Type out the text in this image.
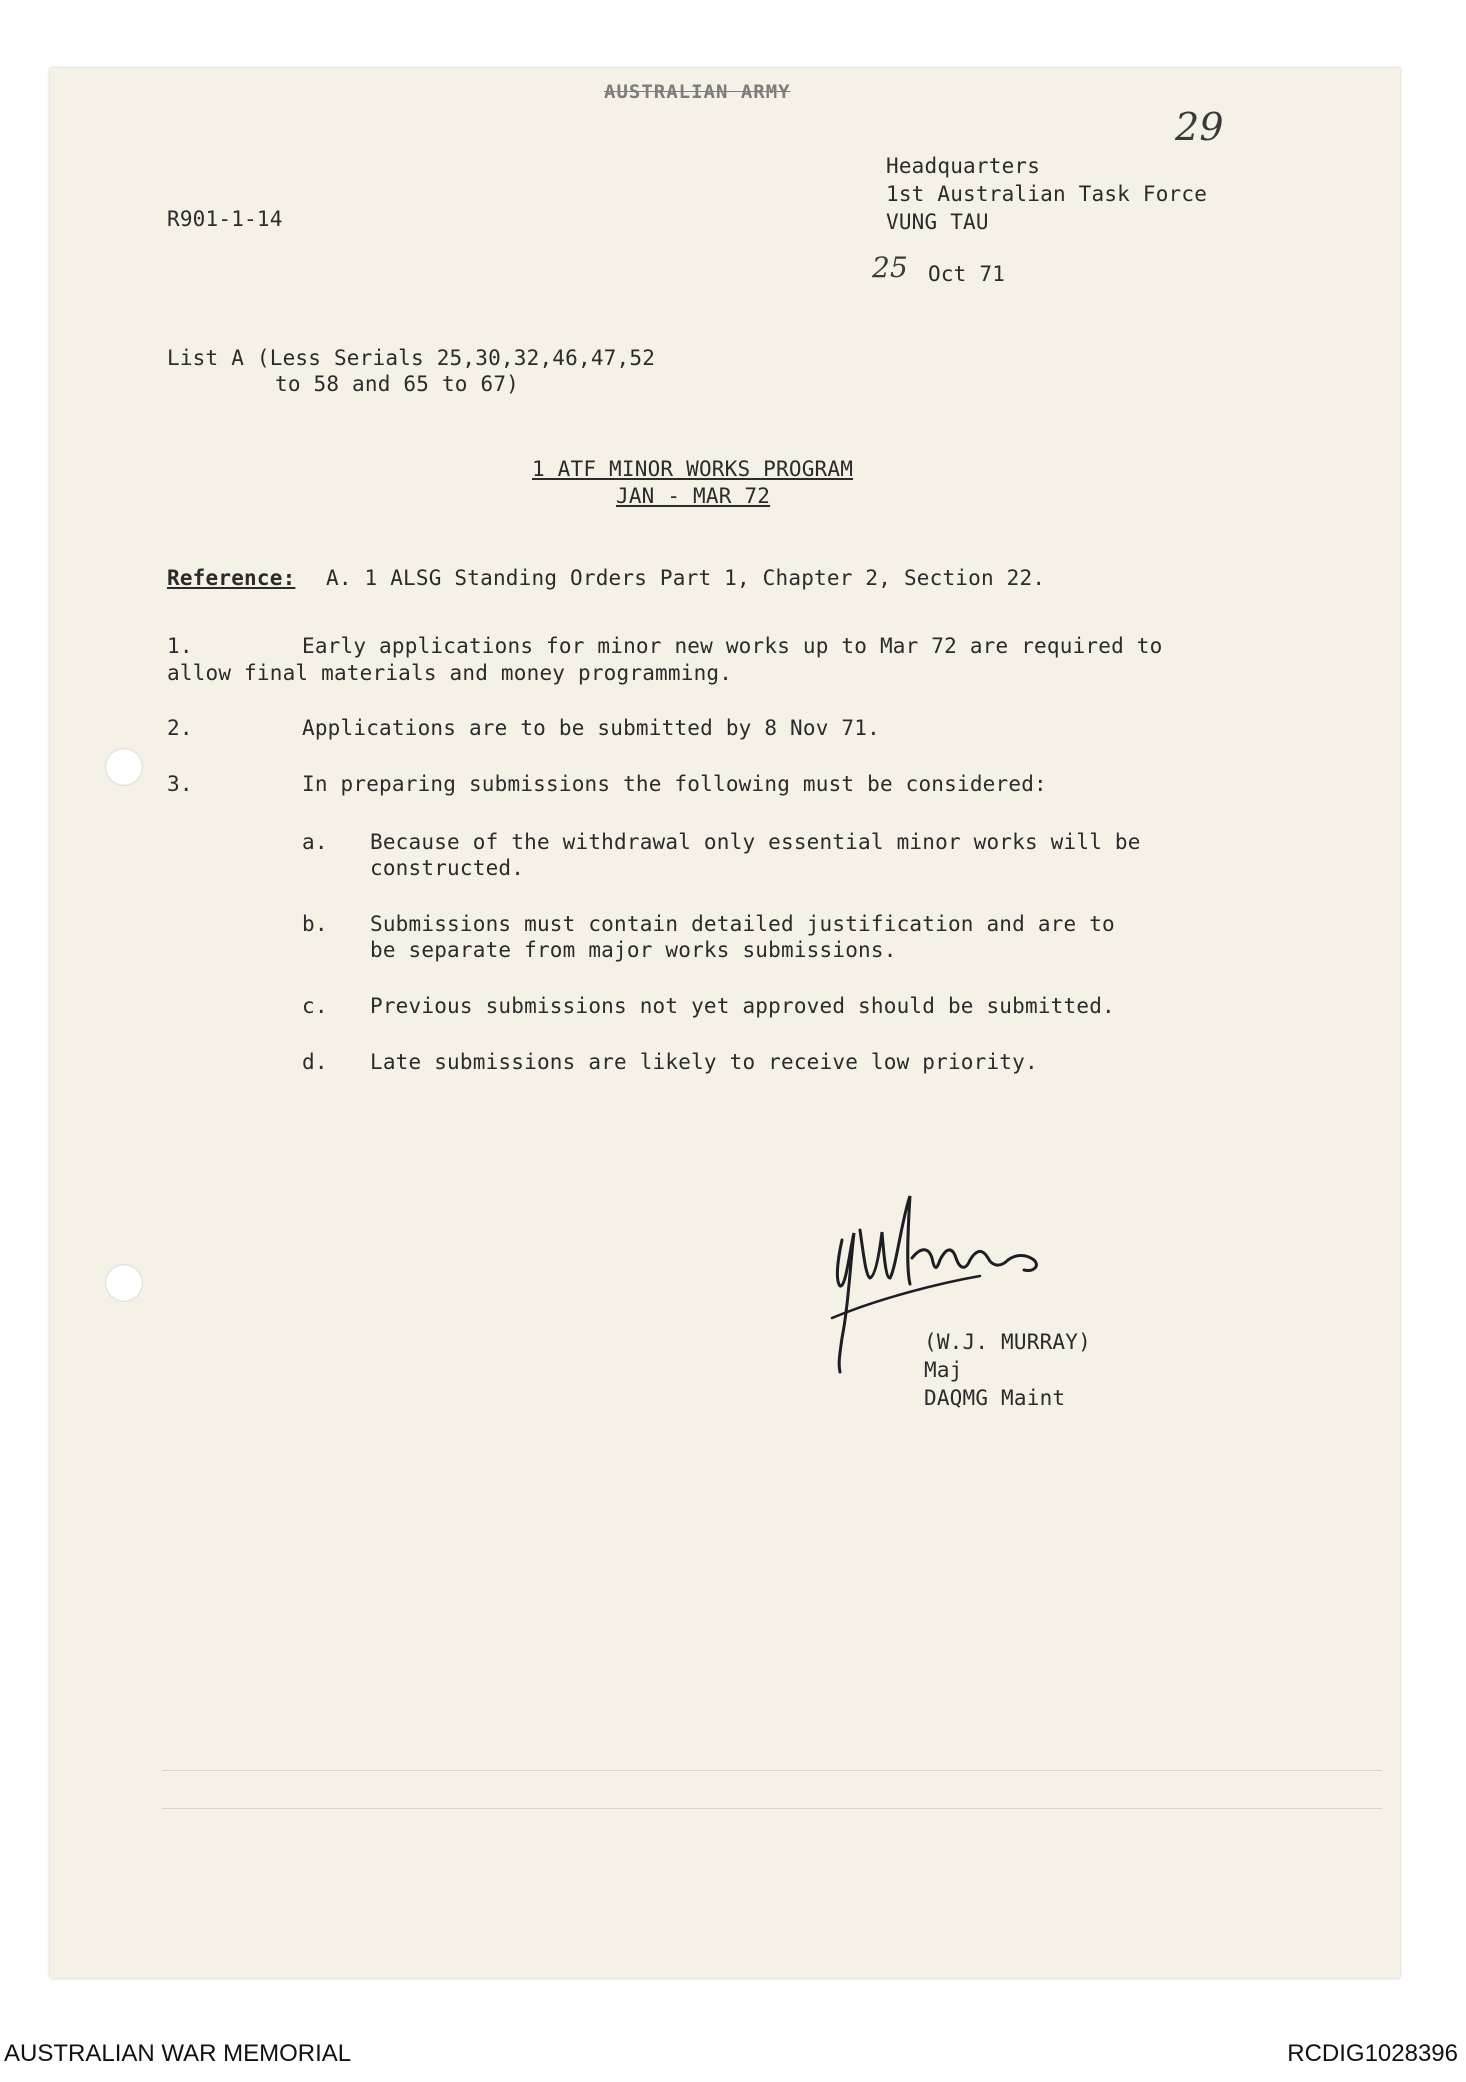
AUSTRALIAN ARMY
29
R901-1-14
Headquarters
1st Australian Task Force
VUNG TAU
25 Oct 71
List A (Less Serials 25,30,32,46,47,52
to 58 and 65 to 67)
1 ATF MINOR WORKS PROGRAM
JAN - MAR 72
Reference: A. 1 ALSG Standing Orders Part 1, Chapter 2, Section 22.
1.	Early applications for minor new works up to Mar 72 are required to
allow final materials and money programming.
2.	Applications are to be submitted by 8 Nov 71.
3.	In preparing submissions the following must be considered:
a. Because of the withdrawal only essential minor works will be
constructed.
b. Submissions must contain detailed justification and are to
be separate from major works submissions.
c. Previous submissions not yet approved should be submitted.
d. Late submissions are likely to receive low priority.
(W.J. MURRAY)
Maj
DAQMG Maint
AUSTRALIAN WAR MEMORIAL	RCDIG1028396
